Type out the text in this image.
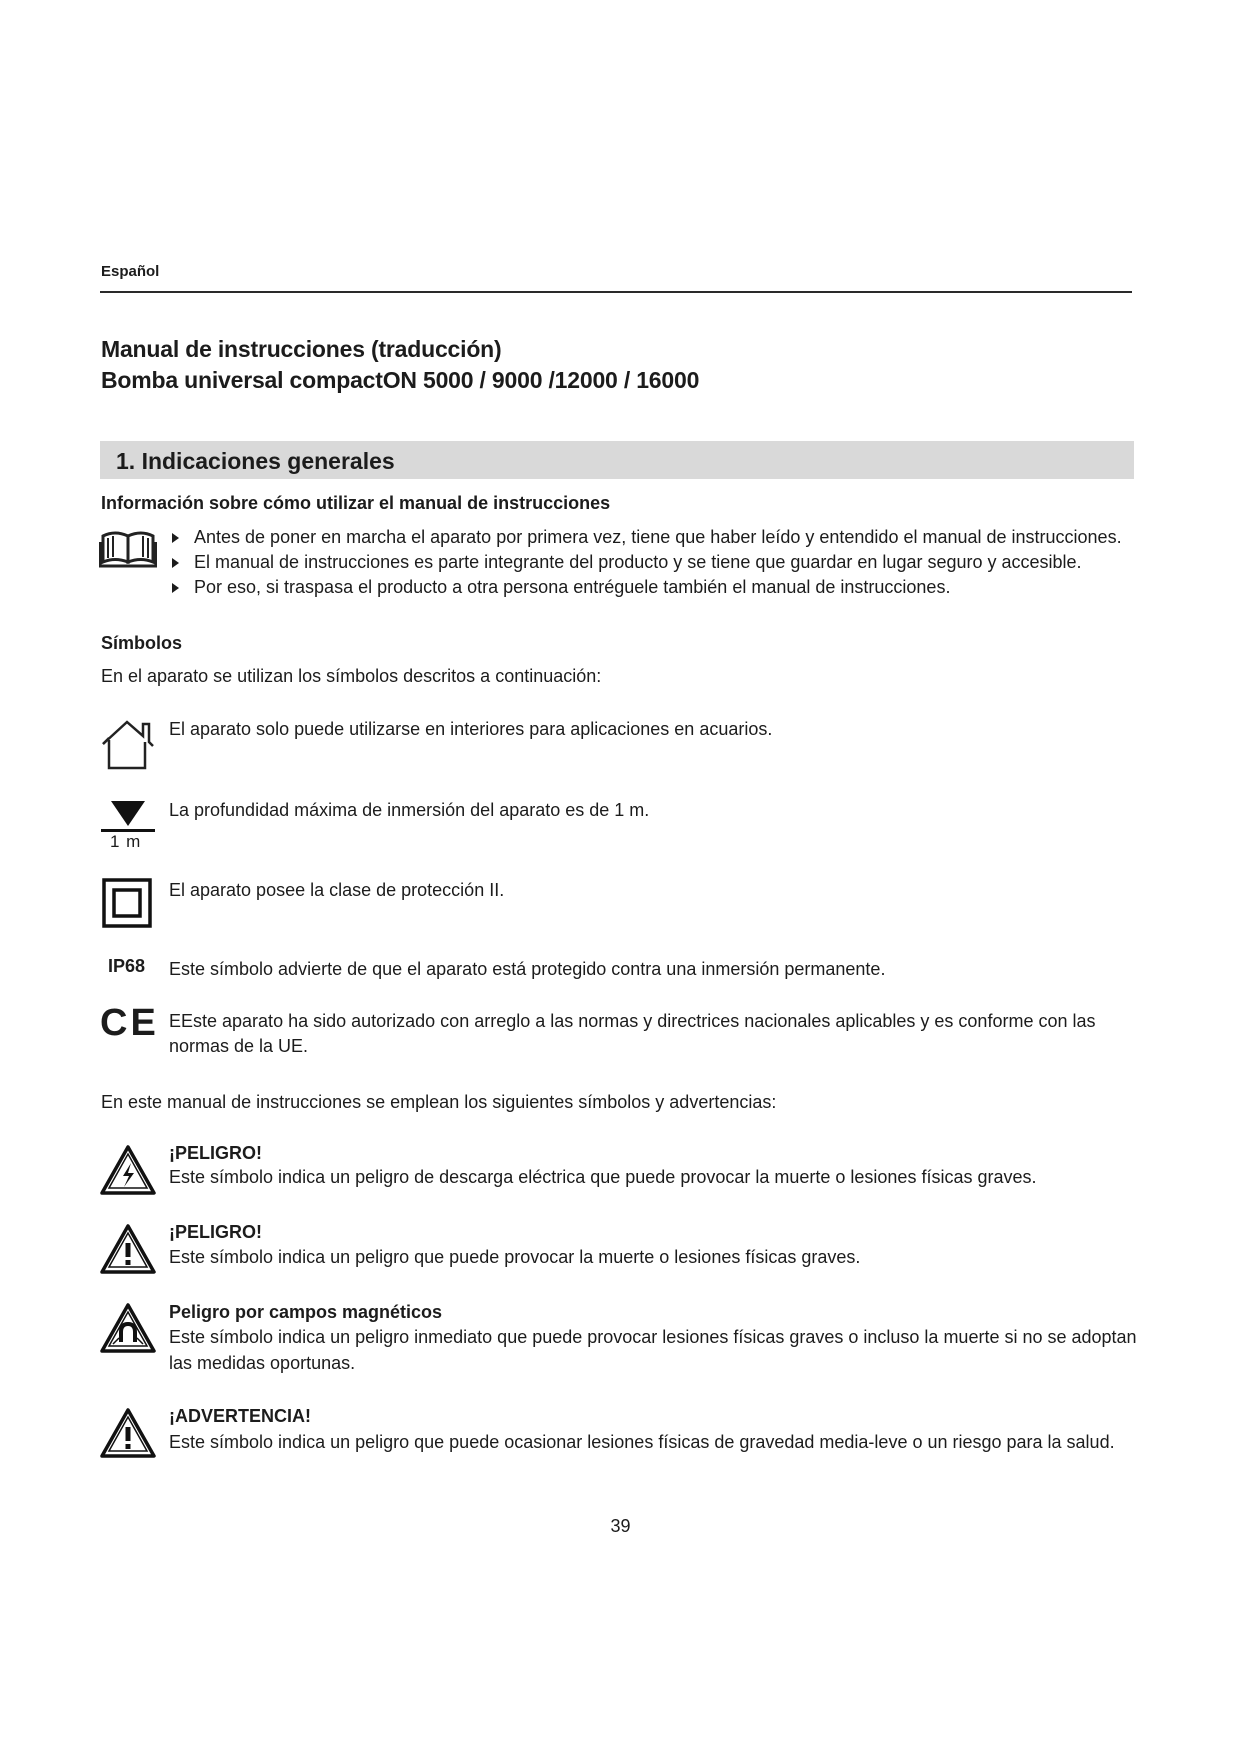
Español
Manual de instrucciones (traducción)
Bomba universal compactON 5000 / 9000 /12000 / 16000
1. Indicaciones generales
Información sobre cómo utilizar el manual de instrucciones
Antes de poner en marcha el aparato por primera vez, tiene que haber leído y entendido el manual de instrucciones.
El manual de instrucciones es parte integrante del producto y se tiene que guardar en lugar seguro y accesible.
Por eso, si traspasa el producto a otra persona entréguele también el manual de instrucciones.
Símbolos
En el aparato se utilizan los símbolos descritos a continuación:
El aparato solo puede utilizarse en interiores para aplicaciones en acuarios.
1 m
La profundidad máxima de inmersión del aparato es de 1 m.
El aparato posee la clase de protección II.
IP68 Este símbolo advierte de que el aparato está protegido contra una inmersión permanente.
CE EEste aparato ha sido autorizado con arreglo a las normas y directrices nacionales aplicables y es conforme con las
normas de la UE.
En este manual de instrucciones se emplean los siguientes símbolos y advertencias:
¡PELIGRO!
Este símbolo indica un peligro de descarga eléctrica que puede provocar la muerte o lesiones físicas graves.
¡PELIGRO!
Este símbolo indica un peligro que puede provocar la muerte o lesiones físicas graves.
Peligro por campos magnéticos
Este símbolo indica un peligro inmediato que puede provocar lesiones físicas graves o incluso la muerte si no se adoptan
las medidas oportunas.
¡ADVERTENCIA!
Este símbolo indica un peligro que puede ocasionar lesiones físicas de gravedad media-leve o un riesgo para la salud.
39
